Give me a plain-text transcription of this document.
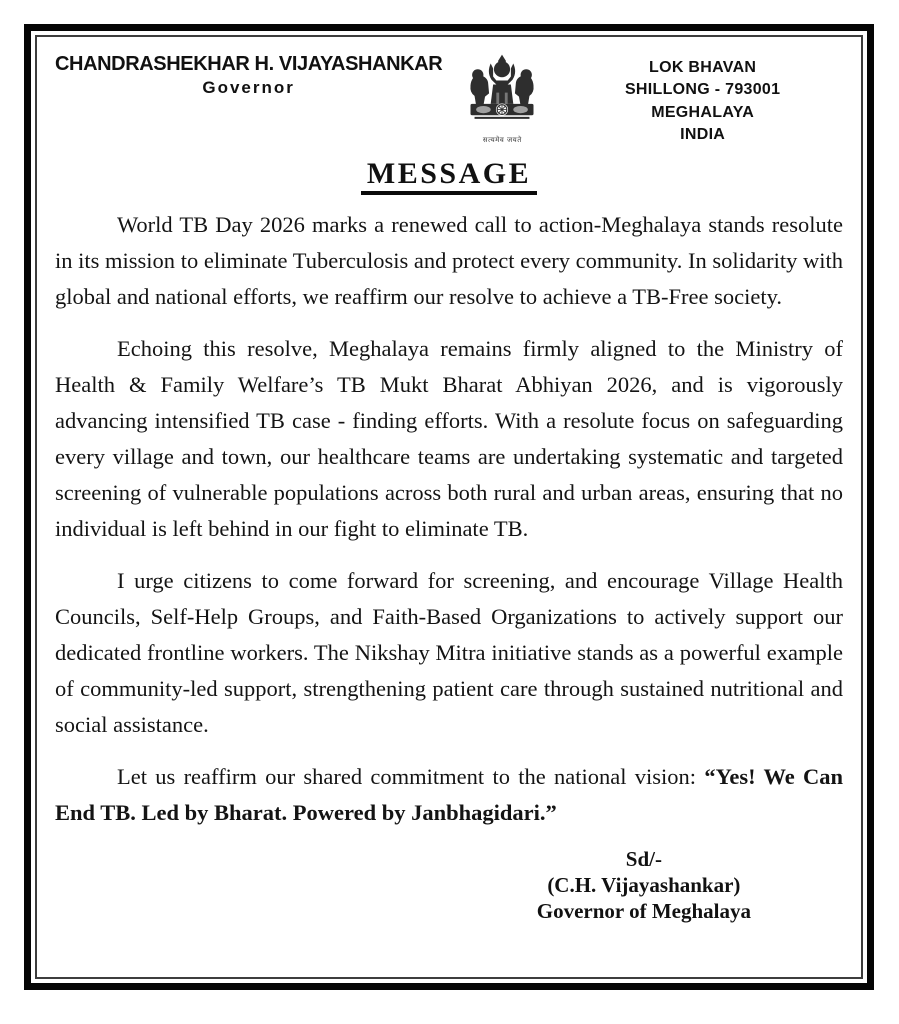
CHANDRASHEKHAR H. VIJAYASHANKAR
Governor
सत्यमेव जयते
LOK BHAVAN
SHILLONG - 793001
MEGHALAYA
INDIA
MESSAGE

World TB Day 2026 marks a renewed call to action-Meghalaya stands resolute in its mission to eliminate Tuberculosis and protect every community. In solidarity with global and national efforts, we reaffirm our resolve to achieve a TB-Free society.

Echoing this resolve, Meghalaya remains firmly aligned to the Ministry of Health & Family Welfare’s TB Mukt Bharat Abhiyan 2026, and is vigorously advancing intensified TB case - finding efforts. With a resolute focus on safeguarding every village and town, our healthcare teams are undertaking systematic and targeted screening of vulnerable populations across both rural and urban areas, ensuring that no individual is left behind in our fight to eliminate TB.

I urge citizens to come forward for screening, and encourage Village Health Councils, Self-Help Groups, and Faith-Based Organizations to actively support our dedicated frontline workers. The Nikshay Mitra initiative stands as a powerful example of community-led support, strengthening patient care through sustained nutritional and social assistance.

Let us reaffirm our shared commitment to the national vision: “Yes! We Can End TB. Led by Bharat. Powered by Janbhagidari.”

Sd/-
(C.H. Vijayashankar)
Governor of Meghalaya
